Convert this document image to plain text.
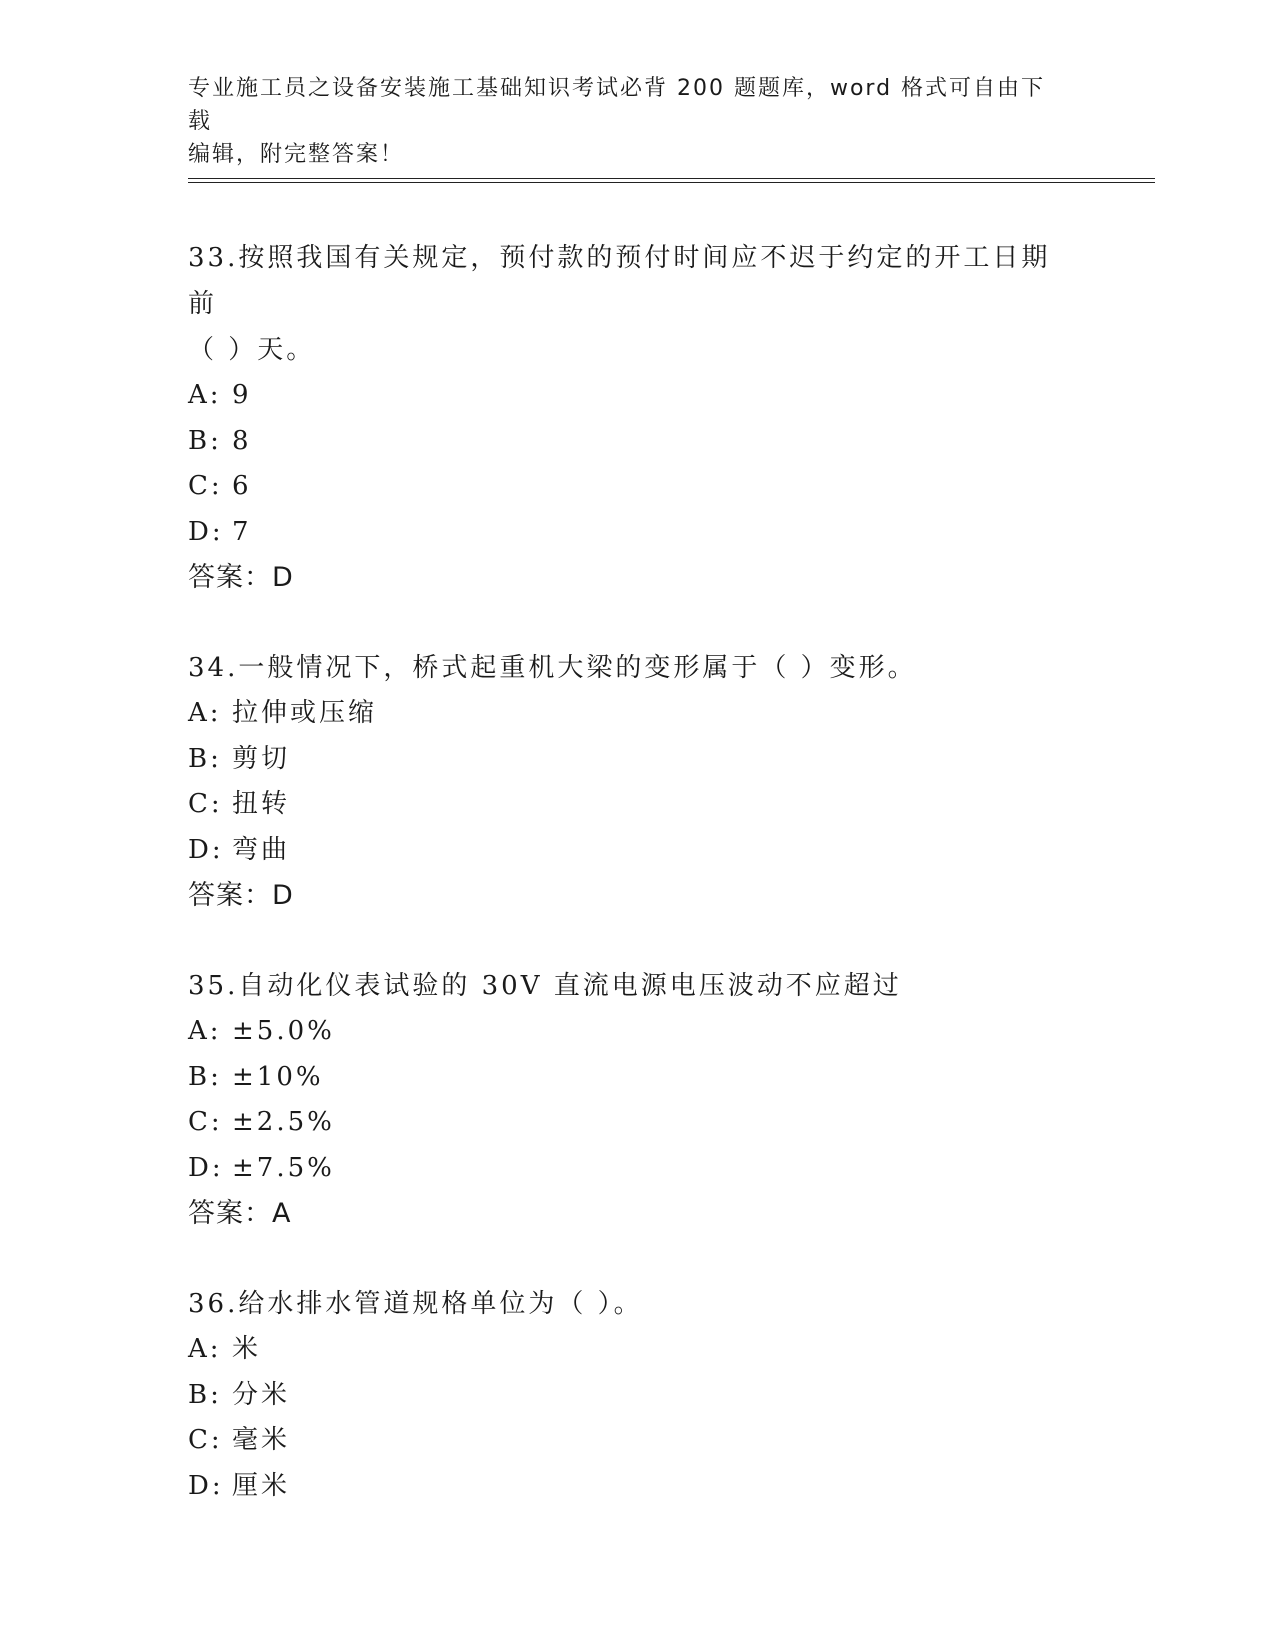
专业施工员之设备安装施工基础知识考试必背 200 题题库，word 格式可自由下载
编辑，附完整答案！
33.按照我国有关规定，预付款的预付时间应不迟于约定的开工日期前
（ ）天。
A: 9
B: 8
C: 6
D: 7
答案：D
34.一般情况下，桥式起重机大梁的变形属于（ ）变形。
A: 拉伸或压缩
B: 剪切
C: 扭转
D: 弯曲
答案：D
35.自动化仪表试验的 30V 直流电源电压波动不应超过
A: ±5.0%
B: ±10%
C: ±2.5%
D: ±7.5%
答案：A
36.给水排水管道规格单位为（ ）。
A: 米
B: 分米
C: 毫米
D: 厘米
